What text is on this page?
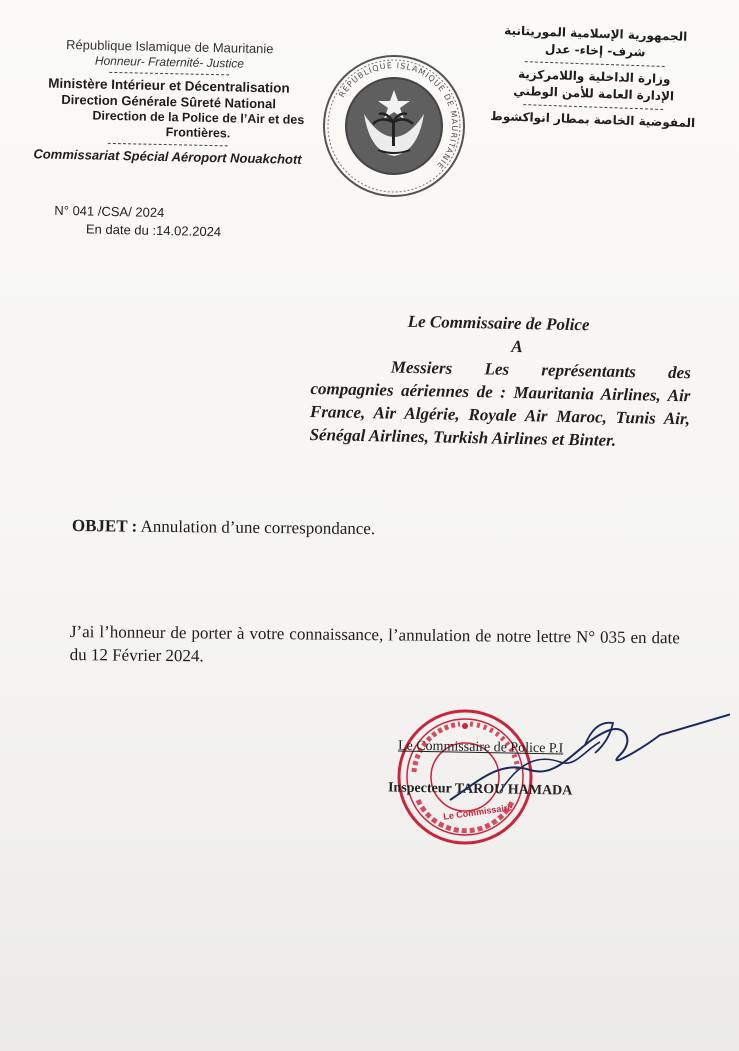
République Islamique de Mauritanie
Honneur- Fraternité- Justice
Ministère Intérieur et Décentralisation
Direction Générale Sûreté National
Direction de la Police de l’Air et des Frontières.
Commissariat Spécial Aéroport Nouakchott
N° 041 /CSA/ 2024
En date du :14.02.2024
RÉPUBLIQUE ISLAMIQUE DE MAURITANIE
الجمهورية الإسلامية الموريتانية
شرف- إخاء- عدل
وزارة الداخلية واللامركزية
الإدارة العامة للأمن الوطني
المفوضية الخاصة بمطار انواكشوط
Le Commissaire de Police
A
Messiers Les représentants des compagnies aériennes de : Mauritania Airlines, Air France, Air Algérie, Royale Air Maroc, Tunis Air, Sénégal Airlines, Turkish Airlines et Binter.
OBJET : Annulation d’une correspondance.
J’ai l’honneur de porter à votre connaissance, l’annulation de notre lettre N° 035 en date du 12 Février 2024.
Le Commissaire
Le Commissaire de Police P.I
Inspecteur TAROU HAMADA
